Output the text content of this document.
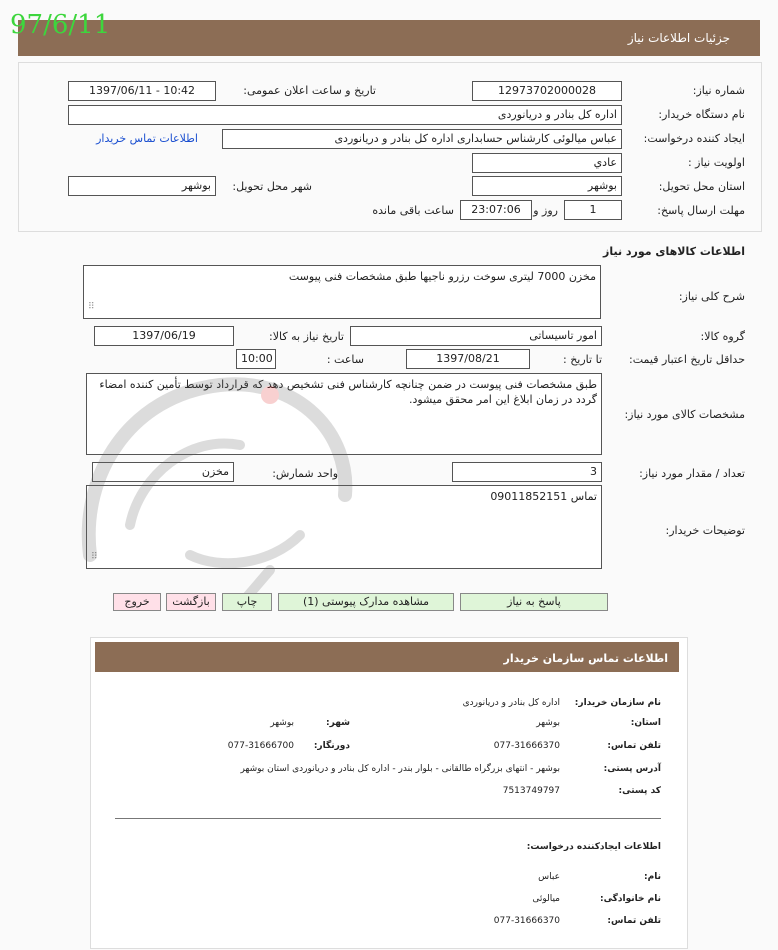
97/6/11	جزئیات اطلاعات نیاز
شماره نیاز:
12973702000028
تاریخ و ساعت اعلان عمومی:
1397/06/11 - 10:42
نام دستگاه خریدار:
اداره کل بنادر و دریانوردی
ایجاد کننده درخواست:
عباس میالوئی کارشناس حسابداری اداره کل بنادر و دریانوردی
اطلاعات تماس خریدار
اولویت نیاز :
عادي
استان محل تحویل:
بوشهر
شهر محل تحویل:
بوشهر
مهلت ارسال پاسخ:
1
روز و
23:07:06
ساعت باقی مانده
اطلاعات کالاهای مورد نیاز
شرح کلی نیاز:
مخزن 7000 لیتری سوخت رزرو ناجیها طبق مشخصات فنی پیوست
⠿
گروه کالا:
امور تاسیساتی
تاریخ نیاز به کالا:
1397/06/19
حداقل تاریخ اعتبار قیمت:
تا تاریخ :
1397/08/21
ساعت :
10:00
مشخصات کالای مورد نیاز:
طبق مشخصات فنی پیوست در ضمن چنانچه کارشناس فنی تشخیص دهد که قرارداد توسط تأمین کننده امضاء گردد در زمان ابلاغ این امر محقق میشود.
تعداد / مقدار مورد نیاز:
3
واحد شمارش:
مخزن
توضیحات خریدار:
تماس 09011852151
⠿
پاسخ به نیاز
مشاهده مدارک پیوستی (1)
چاپ
بازگشت
خروج
اطلاعات تماس سازمان خریدار
نام سازمان خریدار:
اداره کل بنادر و دریانوردی
استان:
بوشهر
شهر:
بوشهر
تلفن تماس:
077-31666370
دورنگار:
077-31666700
آدرس پستی:
بوشهر - انتهای بزرگراه طالقانی - بلوار بندر - اداره کل بنادر و دریانوردی استان بوشهر
کد پستی:
7513749797
اطلاعات ایجادکننده درخواست:
نام:
عباس
نام خانوادگی:
میالوئی
تلفن تماس:
077-31666370
